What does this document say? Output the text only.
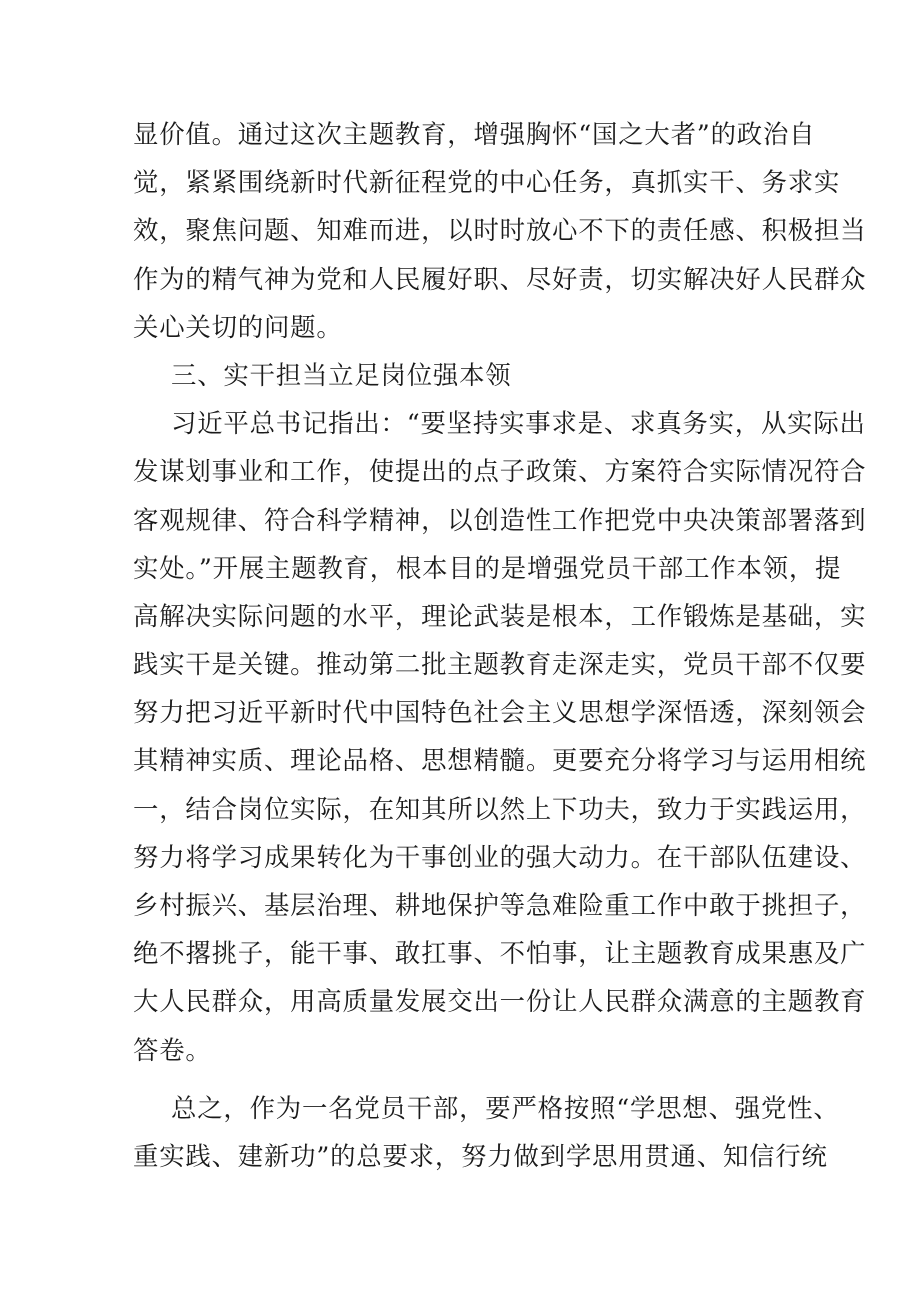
显价值。通过这次主题教育，增强胸怀“国之大者”的政治自
觉，紧紧围绕新时代新征程党的中心任务，真抓实干、务求实
效，聚焦问题、知难而进，以时时放心不下的责任感、积极担当
作为的精气神为党和人民履好职、尽好责，切实解决好人民群众
关心关切的问题。
三、实干担当立足岗位强本领
习近平总书记指出：“要坚持实事求是、求真务实，从实际出
发谋划事业和工作，使提出的点子政策、方案符合实际情况符合
客观规律、符合科学精神，以创造性工作把党中央决策部署落到
实处。”开展主题教育，根本目的是增强党员干部工作本领，提
高解决实际问题的水平，理论武装是根本，工作锻炼是基础，实
践实干是关键。推动第二批主题教育走深走实，党员干部不仅要
努力把习近平新时代中国特色社会主义思想学深悟透，深刻领会
其精神实质、理论品格、思想精髓。更要充分将学习与运用相统
一，结合岗位实际，在知其所以然上下功夫，致力于实践运用，
努力将学习成果转化为干事创业的强大动力。在干部队伍建设、
乡村振兴、基层治理、耕地保护等急难险重工作中敢于挑担子，
绝不撂挑子，能干事、敢扛事、不怕事，让主题教育成果惠及广
大人民群众，用高质量发展交出一份让人民群众满意的主题教育
答卷。
总之，作为一名党员干部，要严格按照“学思想、强党性、
重实践、建新功”的总要求，努力做到学思用贯通、知信行统
